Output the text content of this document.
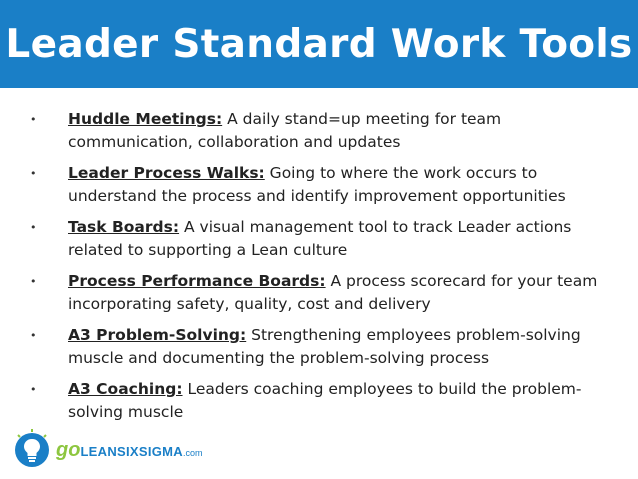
Leader Standard Work Tools
• Huddle Meetings: A daily stand=up meeting for team communication, collaboration and updates
• Leader Process Walks: Going to where the work occurs to understand the process and identify improvement opportunities
• Task Boards: A visual management tool to track Leader actions related to supporting a Lean culture
• Process Performance Boards: A process scorecard for your team incorporating safety, quality, cost and delivery
• A3 Problem-Solving: Strengthening employees problem-solving muscle and documenting the problem-solving process
• A3 Coaching: Leaders coaching employees to build the problem-solving muscle
go LEANSIXSIGMA .com
